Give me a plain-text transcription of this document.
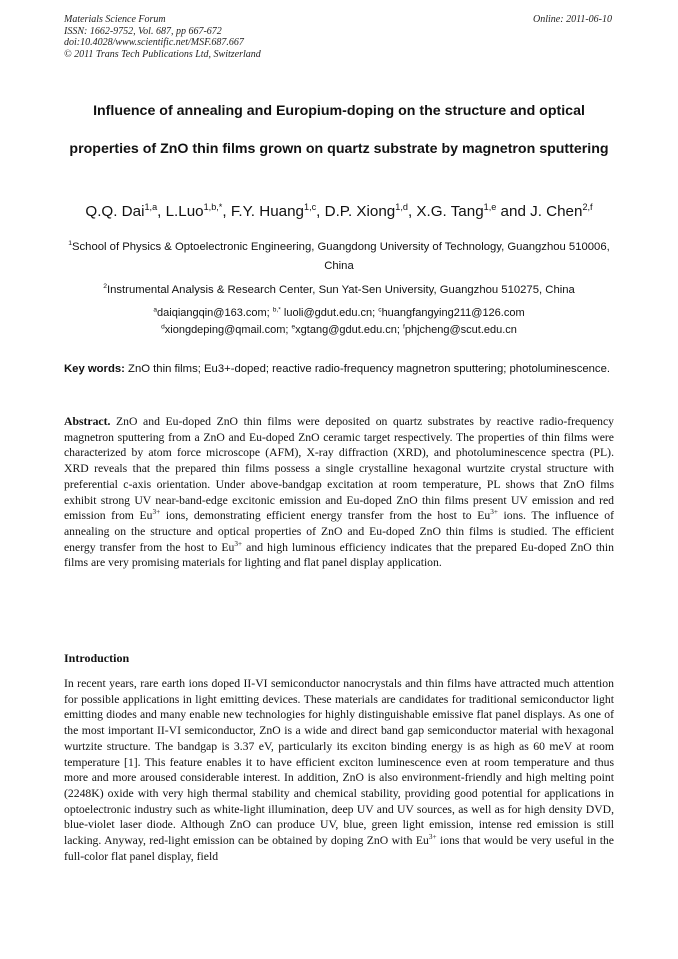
Materials Science Forum
ISSN: 1662-9752, Vol. 687, pp 667-672
doi:10.4028/www.scientific.net/MSF.687.667
© 2011 Trans Tech Publications Ltd, Switzerland
Online: 2011-06-10
Influence of annealing and Europium-doping on the structure and optical properties of ZnO thin films grown on quartz substrate by magnetron sputtering
Q.Q. Dai$^{1,a}$, L.Luo$^{1,b,*}$, F.Y. Huang$^{1,c}$, D.P. Xiong$^{1,d}$, X.G. Tang$^{1,e}$ and J. Chen$^{2,f}$
$^1$School of Physics & Optoelectronic Engineering, Guangdong University of Technology, Guangzhou 510006, China
$^2$Instrumental Analysis & Research Center, Sun Yat-Sen University, Guangzhou 510275, China
$^a$daiqiangqin@163.com; $^{b,*}$ luoli@gdut.edu.cn; $^c$huangfangying211@126.com
$^d$xiongdeping@qmail.com; $^e$xgtang@gdut.edu.cn; $^f$phjcheng@scut.edu.cn

Key words: ZnO thin films; Eu3+-doped; reactive radio-frequency magnetron sputtering; photoluminescence.

Abstract. ZnO and Eu-doped ZnO thin films were deposited on quartz substrates by reactive radio-frequency magnetron sputtering from a ZnO and Eu-doped ZnO ceramic target respectively. The properties of thin films were characterized by atom force microscope (AFM), X-ray diffraction (XRD), and photoluminescence spectra (PL). XRD reveals that the prepared thin films possess a single crystalline hexagonal wurtzite crystal structure with preferential c-axis orientation. Under above-bandgap excitation at room temperature, PL shows that ZnO films exhibit strong UV near-band-edge excitonic emission and Eu-doped ZnO thin films present UV emission and red emission from $Eu^{3+}$ ions, demonstrating efficient energy transfer from the host to $Eu^{3+}$ ions. The influence of annealing on the structure and optical properties of ZnO and Eu-doped ZnO thin films is studied. The efficient energy transfer from the host to $Eu^{3+}$ and high luminous efficiency indicates that the prepared Eu-doped ZnO thin films are very promising materials for lighting and flat panel display application.

Introduction

In recent years, rare earth ions doped II-VI semiconductor nanocrystals and thin films have attracted much attention for possible applications in light emitting devices. These materials are candidates for traditional semiconductor light emitting diodes and many enable new technologies for highly distinguishable emissive flat panel displays. As one of the most important II-VI semiconductor, ZnO is a wide and direct band gap semiconductor material with hexagonal wurtzite structure. The bandgap is 3.37 eV, particularly its exciton binding energy is as high as 60 meV at room temperature [1]. This feature enables it to have efficient exciton luminescence even at room temperature and thus more and more aroused considerable interest. In addition, ZnO is also environment-friendly and high melting point (2248K) oxide with very high thermal stability and chemical stability, providing good potential for applications in optoelectronic industry such as white-light illumination, deep UV and UV sources, as well as for high density DVD, blue-violet laser diode. Although ZnO can produce UV, blue, green light emission, intense red emission is still lacking. Anyway, red-light emission can be obtained by doping ZnO with $Eu^{3+}$ ions that would be very useful in the full-color flat panel display, field
